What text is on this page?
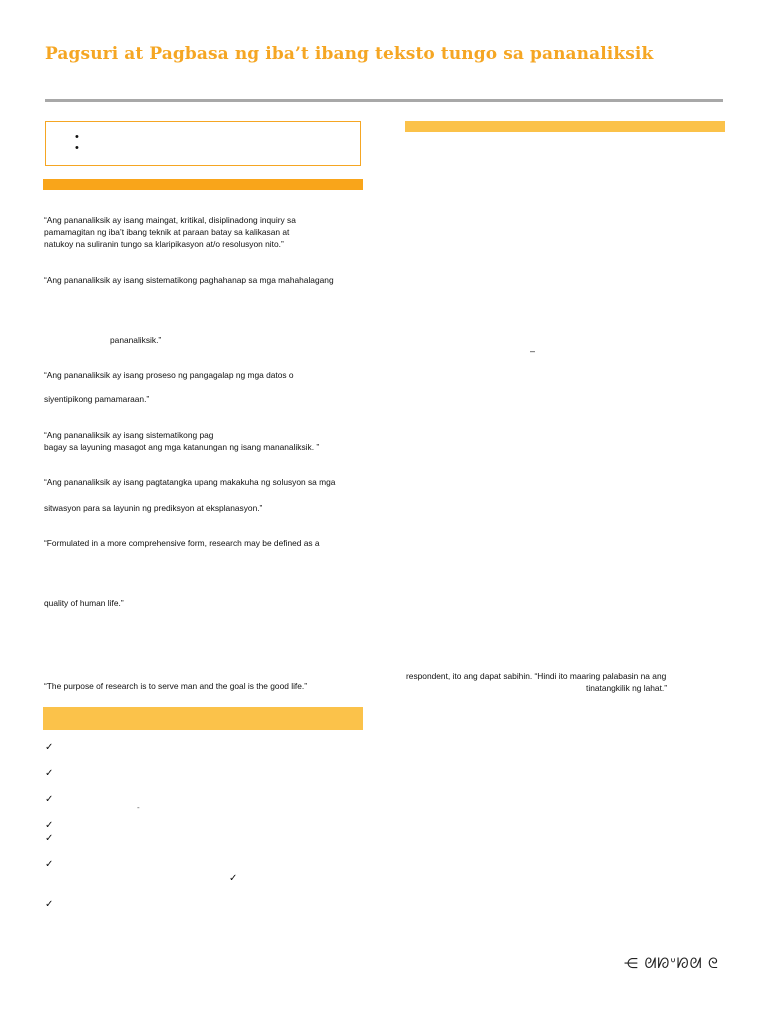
Pagsuri at Pagbasa ng iba’t ibang teksto tungo sa pananaliksik
•
•

“Ang pananaliksik ay isang maingat, kritikal, disiplinadong inquiry sa

pamamagitan ng iba’t ibang teknik at paraan batay sa kalikasan at

natukoy na suliranin tungo sa klaripikasyon at/o resolusyon nito.”

“Ang pananaliksik ay isang sistematikong paghahanap sa mga mahahalagang

pananaliksik.”

“Ang pananaliksik ay isang proseso ng pangagalap ng mga datos o

siyentipikong pamamaraan.”

“Ang pananaliksik ay isang sistematikong pag

bagay sa layuning masagot ang mga katanungan ng isang mananaliksik. ”

“Ang pananaliksik ay isang pagtatangka upang makakuha ng solusyon sa mga

sitwasyon para sa layunin ng prediksyon at eksplanasyon.”

“Formulated in a more comprehensive form, research may be defined as a

quality of human life.”

“The purpose of research is to serve man and the goal is the good life.”

–

respondent, ito ang dapat sabihin. “Hindi ito maaring palabasin na ang

tinatangkilik ng lahat.”

✓
✓
✓
-
✓
✓
✓
✓
✓
⋲ ᘛᘗᐡᘗᘛ ᘓ
